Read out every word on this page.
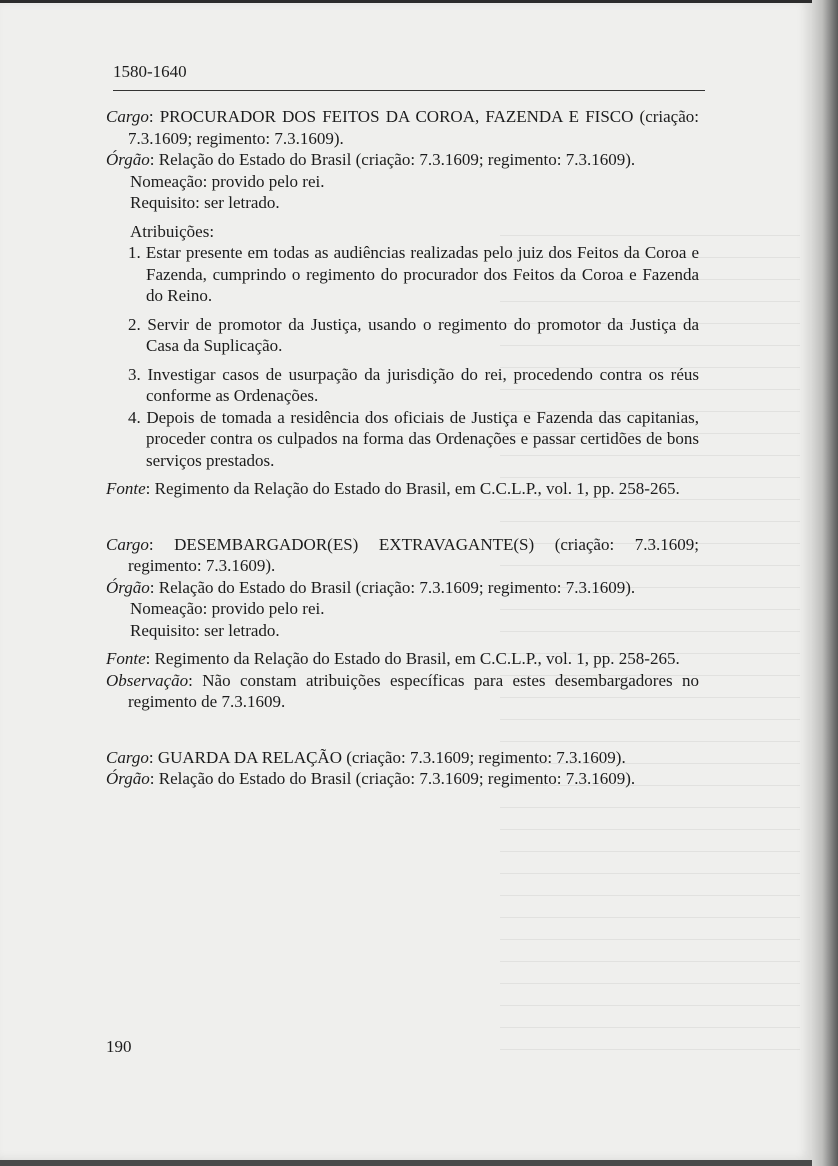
1580-1640
Cargo: PROCURADOR DOS FEITOS DA COROA, FAZENDA E FISCO (criação: 7.3.1609; regimento: 7.3.1609).
Órgão: Relação do Estado do Brasil (criação: 7.3.1609; regimento: 7.3.1609).
Nomeação: provido pelo rei.
Requisito: ser letrado.
Atribuições:
1. Estar presente em todas as audiências realizadas pelo juiz dos Feitos da Coroa e Fazenda, cumprindo o regimento do procurador dos Feitos da Coroa e Fazenda do Reino.
2. Servir de promotor da Justiça, usando o regimento do promotor da Justiça da Casa da Suplicação.
3. Investigar casos de usurpação da jurisdição do rei, procedendo contra os réus conforme as Ordenações.
4. Depois de tomada a residência dos oficiais de Justiça e Fazenda das capitanias, proceder contra os culpados na forma das Ordenações e passar certidões de bons serviços prestados.
Fonte: Regimento da Relação do Estado do Brasil, em C.C.L.P., vol. 1, pp. 258-265.
Cargo: DESEMBARGADOR(ES) EXTRAVAGANTE(S) (criação: 7.3.1609; regimento: 7.3.1609).
Órgão: Relação do Estado do Brasil (criação: 7.3.1609; regimento: 7.3.1609).
Nomeação: provido pelo rei.
Requisito: ser letrado.
Fonte: Regimento da Relação do Estado do Brasil, em C.C.L.P., vol. 1, pp. 258-265.
Observação: Não constam atribuições específicas para estes desembargadores no regimento de 7.3.1609.
Cargo: GUARDA DA RELAÇÃO (criação: 7.3.1609; regimento: 7.3.1609).
Órgão: Relação do Estado do Brasil (criação: 7.3.1609; regimento: 7.3.1609).
190
